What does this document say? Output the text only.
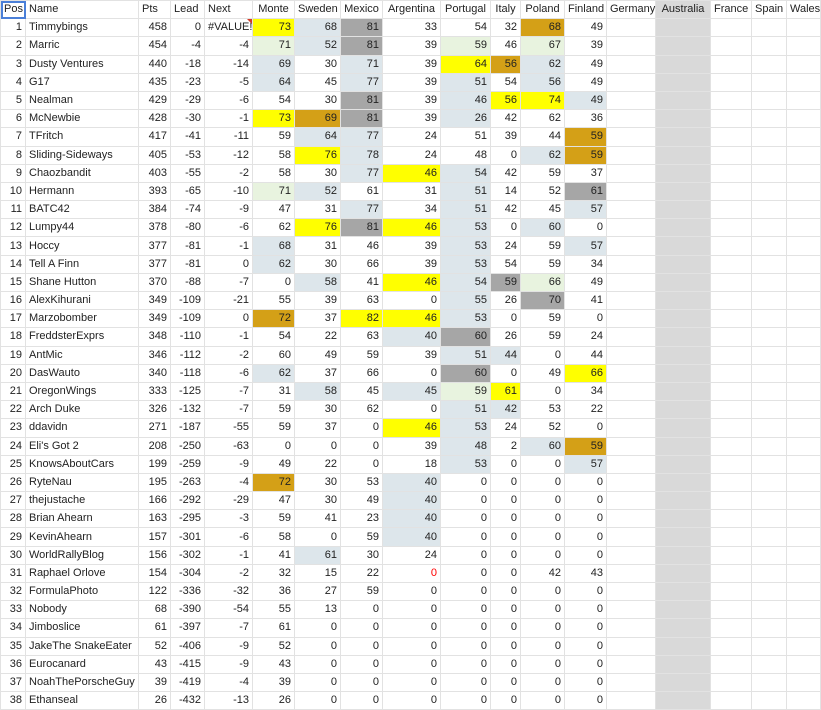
Pos	Name	Pts	Lead	Next	Monte	Sweden	Mexico	Argentina	Portugal	Italy	Poland	Finland	Germany	Australia	France	Spain	Wales
1	Timmybings	458	0	#VALUE!	73	68	81	33	54	32	68	49					
2	Marric	454	-4	-4	71	52	81	39	59	46	67	39					
3	Dusty Ventures	440	-18	-14	69	30	71	39	64	56	62	49					
4	G17	435	-23	-5	64	45	77	39	51	54	56	49					
5	Nealman	429	-29	-6	54	30	81	39	46	56	74	49					
6	McNewbie	428	-30	-1	73	69	81	39	26	42	62	36					
7	TFritch	417	-41	-11	59	64	77	24	51	39	44	59					
8	Sliding-Sideways	405	-53	-12	58	76	78	24	48	0	62	59					
9	Chaozbandit	403	-55	-2	58	30	77	46	54	42	59	37					
10	Hermann	393	-65	-10	71	52	61	31	51	14	52	61					
11	BATC42	384	-74	-9	47	31	77	34	51	42	45	57					
12	Lumpy44	378	-80	-6	62	76	81	46	53	0	60	0					
13	Hoccy	377	-81	-1	68	31	46	39	53	24	59	57					
14	Tell A Finn	377	-81	0	62	30	66	39	53	54	59	34					
15	Shane Hutton	370	-88	-7	0	58	41	46	54	59	66	49					
16	AlexKihurani	349	-109	-21	55	39	63	0	55	26	70	41					
17	Marzobomber	349	-109	0	72	37	82	46	53	0	59	0					
18	FreddsterExprs	348	-110	-1	54	22	63	40	60	26	59	24					
19	AntMic	346	-112	-2	60	49	59	39	51	44	0	44					
20	DasWauto	340	-118	-6	62	37	66	0	60	0	49	66					
21	OregonWings	333	-125	-7	31	58	45	45	59	61	0	34					
22	Arch Duke	326	-132	-7	59	30	62	0	51	42	53	22					
23	ddavidn	271	-187	-55	59	37	0	46	53	24	52	0					
24	Eli's Got 2	208	-250	-63	0	0	0	39	48	2	60	59					
25	KnowsAboutCars	199	-259	-9	49	22	0	18	53	0	0	57					
26	RyteNau	195	-263	-4	72	30	53	40	0	0	0	0					
27	thejustache	166	-292	-29	47	30	49	40	0	0	0	0					
28	Brian Ahearn	163	-295	-3	59	41	23	40	0	0	0	0					
29	KevinAhearn	157	-301	-6	58	0	59	40	0	0	0	0					
30	WorldRallyBlog	156	-302	-1	41	61	30	24	0	0	0	0					
31	Raphael Orlove	154	-304	-2	32	15	22	0	0	0	42	43					
32	FormulaPhoto	122	-336	-32	36	27	59	0	0	0	0	0					
33	Nobody	68	-390	-54	55	13	0	0	0	0	0	0					
34	Jimboslice	61	-397	-7	61	0	0	0	0	0	0	0					
35	JakeThe SnakeEater	52	-406	-9	52	0	0	0	0	0	0	0					
36	Eurocanard	43	-415	-9	43	0	0	0	0	0	0	0					
37	NoahThePorscheGuy	39	-419	-4	39	0	0	0	0	0	0	0					
38	Ethanseal	26	-432	-13	26	0	0	0	0	0	0	0					
